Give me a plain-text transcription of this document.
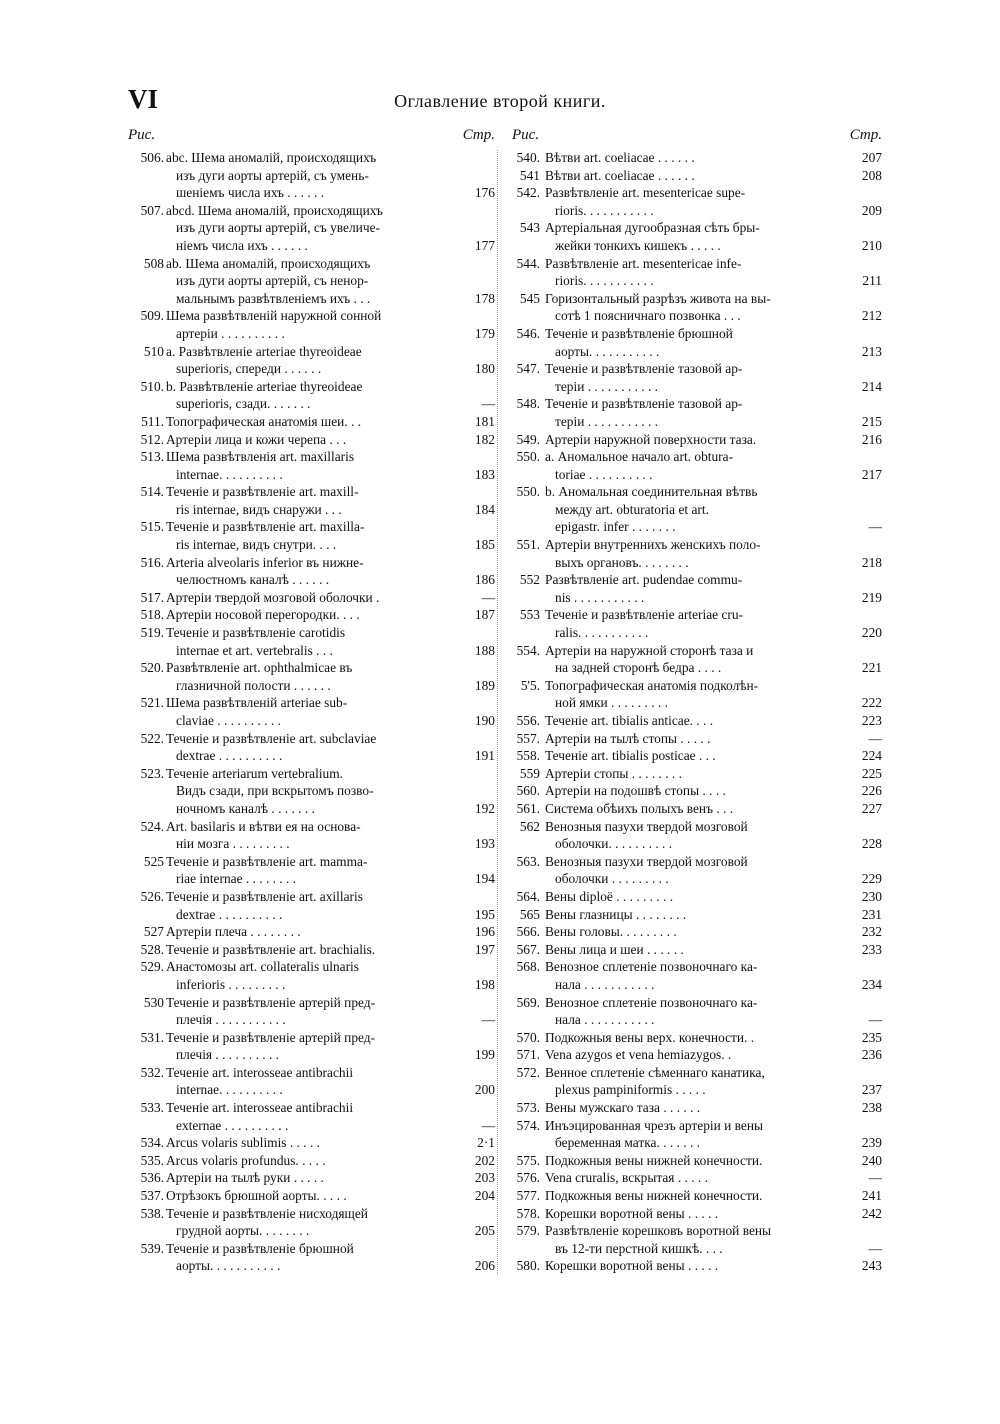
VI	Оглавление второй книги.
Рис.	Стр.
506. abc. Шема аномалій, происходящихъ
изъ дуги аорты артерій, съ умень-
шеніемъ числа ихъ . . . . . .	176
507. abcd. Шема аномалій, происходящихъ
изъ дуги аорты артерій, съ увеличе-
ніемъ числа ихъ . . . . . .	177
508 ab. Шема аномалій, происходящихъ
изъ дуги аорты артерій, съ ненор-
мальнымъ развѣтвленіемъ ихъ . . .	178
509. Шема развѣтвленій наружной сонной
артеріи . . . . . . . . . .	179
510 a. Развѣтвленіе arteriae thyreoideae
superioris, спереди . . . . . .	180
510. b. Развѣтвленіе arteriae thyreoideae
superioris, сзади. . . . . . .	—
511. Топографическая анатомія шеи. . .	181
512. Артеріи лица и кожи черепа . . .	182
513. Шема развѣтвленія art. maxillaris
internae. . . . . . . . . .	183
514. Теченіе и развѣтвленіе art. maxill-
ris internae, видъ снаружи . . .	184
515. Теченіе и развѣтвленіе art. maxilla-
ris internae, видъ снутри. . . .	185
516. Arteria alveolaris inferior въ нижне-
челюстномъ каналѣ . . . . . .	186
517. Артеріи твердой мозговой оболочки .	—
518. Артеріи носовой перегородки. . . .	187
519. Теченіе и развѣтвленіе carotidis
internae et art. vertebralis . . .	188
520. Развѣтвленіе art. ophthalmicae въ
глазничной полости . . . . . .	189
521. Шема развѣтвленій arteriae sub-
claviae . . . . . . . . . .	190
522. Теченіе и развѣтвленіе art. subclaviae
dextrae . . . . . . . . . .	191
523. Теченіе arteriarum vertebralium.
Видъ сзади, при вскрытомъ позво-
ночномъ каналѣ . . . . . . .	192
524. Art. basilaris и вѣтви ея на основа-
ніи мозга . . . . . . . . .	193
525 Теченіе и развѣтвленіе art. mamma-
riae internae . . . . . . . .	194
526. Теченіе и развѣтвленіе art. axillaris
dextrae . . . . . . . . . .	195
527 Артеріи плеча . . . . . . . .	196
528. Теченіе и развѣтвленіе art. brachialis.	197
529. Анастомозы art. collateralis ulnaris
inferioris . . . . . . . . .	198
530 Теченіе и развѣтвленіе артерій пред-
плечія . . . . . . . . . . .	—
531. Теченіе и развѣтвленіе артерій пред-
плечія . . . . . . . . . .	199
532. Теченіе art. interosseae antibrachii
internae. . . . . . . . . .	200
533. Теченіе art. interosseae antibrachii
externae . . . . . . . . . .	—
534. Arcus volaris sublimis . . . . .	2·1
535. Arcus volaris profundus. . . . .	202
536. Артеріи на тылѣ руки . . . . .	203
537. Отрѣзокъ брюшной аорты. . . . .	204
538. Теченіе и развѣтвленіе нисходящей
грудной аорты. . . . . . . .	205
539. Теченіе и развѣтвленіе брюшной
аорты. . . . . . . . . . .	206
Рис.	Стр.
540. Вѣтви art. coeliacae . . . . . .	207
541 Вѣтви art. coeliacae . . . . . .	208
542. Развѣтвленіе art. mesentericae supe-
rioris. . . . . . . . . . .	209
543 Артеріальная дугообразная сѣть бры-
жейки тонкихъ кишекъ . . . . .	210
544. Развѣтвленіе art. mesentericae infe-
rioris. . . . . . . . . . .	211
545 Горизонтальный разрѣзъ живота на вы-
сотѣ 1 поясничнаго позвонка . . .	212
546. Теченіе и развѣтвленіе брюшной
аорты. . . . . . . . . . .	213
547. Теченіе и развѣтвленіе тазовой ар-
теріи . . . . . . . . . . .	214
548. Теченіе и развѣтвленіе тазовой ар-
теріи . . . . . . . . . . .	215
549. Артеріи наружной поверхности таза.	216
550. a. Аномальное начало art. obtura-
toriae . . . . . . . . . .	217
550. b. Аномальная соединительная вѣтвь
между art. obturatoria et art.
epigastr. infer . . . . . . .	—
551. Артеріи внутреннихъ женскихъ поло-
выхъ органовъ. . . . . . . .	218
552 Развѣтвленіе art. pudendae commu-
nis . . . . . . . . . . .	219
553 Теченіе и развѣтвленіе arteriae cru-
ralis. . . . . . . . . . .	220
554. Артеріи на наружной сторонѣ таза и
на задней сторонѣ бедра . . . .	221
5'5. Топографическая анатомія подколѣн-
ной ямки . . . . . . . . .	222
556. Теченіе art. tibialis anticae. . . .	223
557. Артеріи на тылѣ стопы . . . . .	—
558. Теченіе art. tibialis posticae . . .	224
559 Артеріи стопы . . . . . . . .	225
560. Артеріи на подошвѣ стопы . . . .	226
561. Система обѣихъ полыхъ венъ . . .	227
562 Венозныя пазухи твердой мозговой
оболочки. . . . . . . . . .	228
563. Венозныя пазухи твердой мозговой
оболочки . . . . . . . . .	229
564. Вены diploë . . . . . . . . .	230
565 Вены глазницы . . . . . . . .	231
566. Вены головы. . . . . . . . .	232
567. Вены лица и шеи . . . . . .	233
568. Венозное сплетеніе позвоночнаго ка-
нала . . . . . . . . . . .	234
569. Венозное сплетеніе позвоночнаго ка-
нала . . . . . . . . . . .	—
570. Подкожныя вены верх. конечности. .	235
571. Vena azygos et vena hemiazygos. .	236
572. Венное сплетеніе сѣменнаго канатика,
plexus pampiniformis . . . . .	237
573. Вены мужскаго таза . . . . . .	238
574. Инъэцированная чрезъ артеріи и вены
беременная матка. . . . . . .	239
575. Подкожныя вены нижней конечности.	240
576. Vena cruralis, вскрытая . . . . .	—
577. Подкожныя вены нижней конечности.	241
578. Корешки воротной вены . . . . .	242
579. Развѣтвленіе корешковъ воротной вены
въ 12-ти перстной кишкѣ. . . .	—
580. Корешки воротной вены . . . . .	243
